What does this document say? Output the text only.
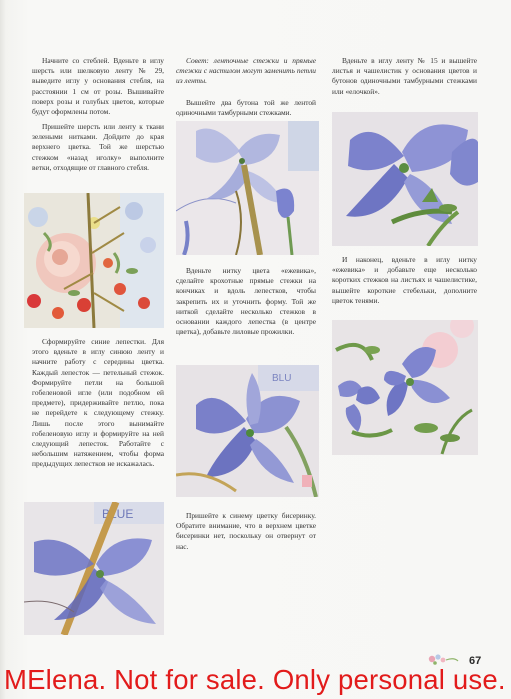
Начните со стеблей. Вденьте в иглу шерсть или шелковую ленту № 29, выведите иглу у основания стебля, на расстоянии 1 см от розы. Вышивайте поверх розы и голубых цветов, которые будут оформлены потом.
Пришейте шерсть или ленту к ткани зелеными нитками. Дойдите до края верхнего цветка. Той же шерстью стежком «назад иголку» выполните ветки, отходящие от главного стебля.
Сформируйте синие лепестки. Для этого вденьте в иглу синюю ленту и начните работу с середины цветка. Каждый лепесток — петельный стежок. Формируйте петли на большой гобеленовой игле (или подобном ей предмете), придерживайте петлю, пока не перейдете к следующему стежку. Лишь после этого вынимайте гобеленовую иглу и формируйте на ней следующий лепесток. Работайте с небольшим натяжением, чтобы форма предыдущих лепестков не искажалась.
BLUE
Совет: ленточные стежки и прямые стежки с настилом могут заменить петли из ленты.
Вышейте два бутона той же лентой одиночными тамбурными стежками.
Вденьте нитку цвета «ежевика», сделайте крохотные прямые стежки на кончиках и вдоль лепестков, чтобы закрепить их и уточнить форму. Той же ниткой сделайте несколько стежков в основании каждого лепестка (в центре цветка), добавьте лиловые прожилки.
BLU
Пришейте к синему цветку бисеринку. Обратите внимание, что в верхнем цветке бисеринки нет, поскольку он отвернут от нас.
Вденьте в иглу ленту № 15 и вышейте листья и чашелистик у основания цветов и бутонов одиночными тамбурными стежками или «елочкой».
И наконец, вденьте в иглу нитку «ежевика» и добавьте еще несколько коротких стежков на листьях и чашелистике, вышейте короткие стебельки, дополните цветок тенями.
67
MElena. Not for sale. Only personal use.
